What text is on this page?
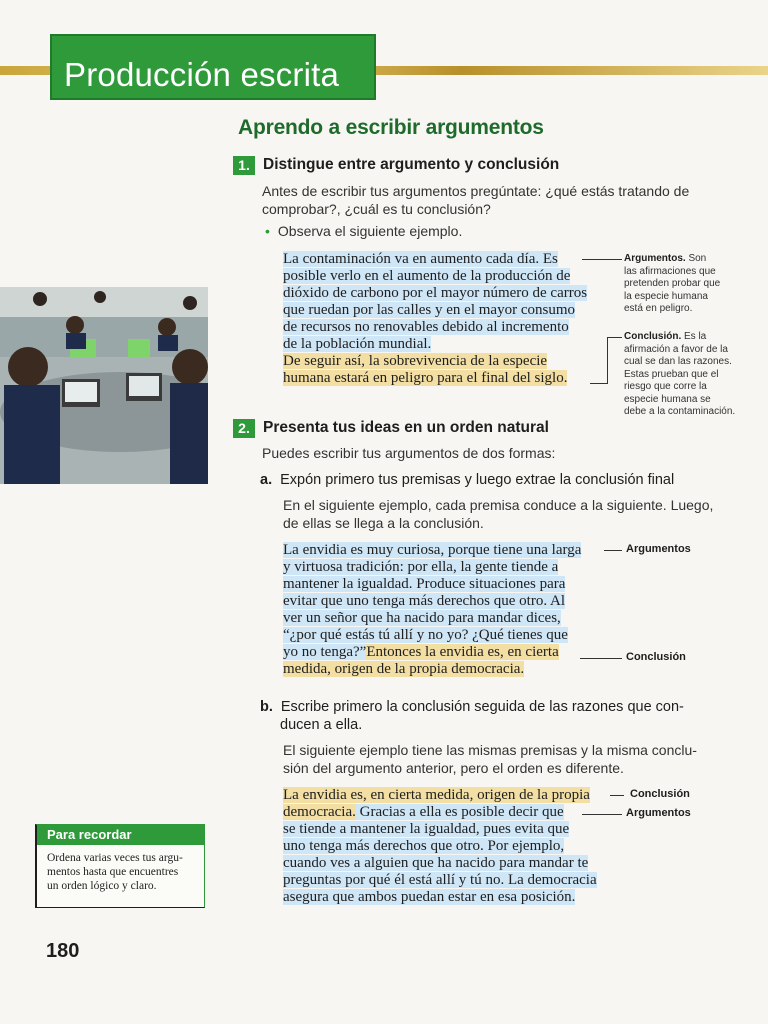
Producción escrita
Aprendo a escribir argumentos
1. Distingue entre argumento y conclusión
Antes de escribir tus argumentos pregúntate: ¿qué estás tratando de
comprobar?, ¿cuál es tu conclusión?
• Observa el siguiente ejemplo.
La contaminación va en aumento cada día. Es
posible verlo en el aumento de la producción de
dióxido de carbono por el mayor número de carros
que ruedan por las calles y en el mayor consumo
de recursos no renovables debido al incremento
de la población mundial.
De seguir así, la sobrevivencia de la especie
humana estará en peligro para el final del siglo.
Argumentos. Son
las afirmaciones que
pretenden probar que
la especie humana
está en peligro.
Conclusión. Es la
afirmación a favor de la
cual se dan las razones.
Estas prueban que el
riesgo que corre la
especie humana se
debe a la contaminación.
2. Presenta tus ideas en un orden natural
Puedes escribir tus argumentos de dos formas:
a. Expón primero tus premisas y luego extrae la conclusión final
En el siguiente ejemplo, cada premisa conduce a la siguiente. Luego,
de ellas se llega a la conclusión.
La envidia es muy curiosa, porque tiene una larga
y virtuosa tradición: por ella, la gente tiende a
mantener la igualdad. Produce situaciones para
evitar que uno tenga más derechos que otro. Al
ver un señor que ha nacido para mandar dices,
“¿por qué estás tú allí y no yo? ¿Qué tienes que
yo no tenga?”Entonces la envidia es, en cierta
medida, origen de la propia democracia.
Argumentos
Conclusión
b. Escribe primero la conclusión seguida de las razones que con-
ducen a ella.
El siguiente ejemplo tiene las mismas premisas y la misma conclu-
sión del argumento anterior, pero el orden es diferente.
La envidia es, en cierta medida, origen de la propia
democracia. Gracias a ella es posible decir que
se tiende a mantener la igualdad, pues evita que
uno tenga más derechos que otro. Por ejemplo,
cuando ves a alguien que ha nacido para mandar te
preguntas por qué él está allí y tú no. La democracia
asegura que ambos puedan estar en esa posición.
Conclusión
Argumentos
Para recordar
Ordena varias veces tus argu-
mentos hasta que encuentres
un orden lógico y claro.
180
